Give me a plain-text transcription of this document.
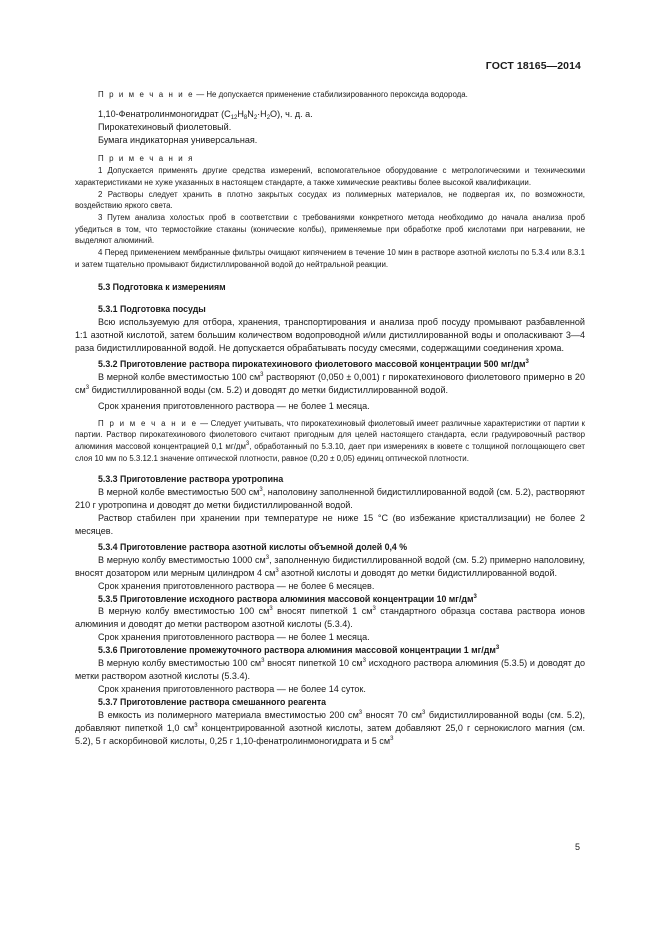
ГОСТ 18165—2014

П р и м е ч а н и е — Не допускается применение стабилизированного пероксида водорода.

1,10-Фенатролинмоногидрат $(С_{12}Н_8N_2\cdot Н_2О)$, ч. д. а.

Пирокатехиновый фиолетовый.

Бумага индикаторная универсальная.

П р и м е ч а н и я

1 Допускается применять другие средства измерений, вспомогательное оборудование с метрологическими и техническими характеристиками не хуже указанных в настоящем стандарте, а также химические реактивы более высокой квалификации.

2 Растворы следует хранить в плотно закрытых сосудах из полимерных материалов, не подвергая их, по возможности, воздействию яркого света.

3 Путем анализа холостых проб в соответствии с требованиями конкретного метода необходимо до начала анализа проб убедиться в том, что термостойкие стаканы (конические колбы), применяемые при обработке проб кислотами при нагревании, не выделяют алюминий.

4 Перед применением мембранные фильтры очищают кипячением в течение 10 мин в растворе азотной кислоты по 5.3.4 или 8.3.1 и затем тщательно промывают бидистиллированной водой до нейтральной реакции.

5.3 Подготовка к измерениям

5.3.1 Подготовка посуды

Всю используемую для отбора, хранения, транспортирования и анализа проб посуду промывают разбавленной 1:1 азотной кислотой, затем большим количеством водопроводной и/или дистиллированной воды и ополаскивают 3—4 раза бидистиллированной водой. Не допускается обрабатывать посуду смесями, содержащими соединения хрома.

5.3.2 Приготовление раствора пирокатехинового фиолетового массовой концентрации 500 $мг/дм^3$

В мерной колбе вместимостью 100 $см^3$ растворяют (0,050 ± 0,001) г пирокатехинового фиолетового примерно в 20 $см^3$ бидистиллированной воды (см. 5.2) и доводят до метки бидистиллированной водой.

Срок хранения приготовленного раствора — не более 1 месяца.

П р и м е ч а н и е — Следует учитывать, что пирокатехиновый фиолетовый имеет различные характеристики от партии к партии. Раствор пирокатехинового фиолетового считают пригодным для целей настоящего стандарта, если градуировочный раствор алюминия массовой концентрацией 0,1 $мг/дм^3$, обработанный по 5.3.10, дает при измерениях в кювете с толщиной поглощающего свет слоя 10 мм по 5.3.12.1 значение оптической плотности, равное (0,20 ± 0,05) единиц оптической плотности.

5.3.3 Приготовление раствора уротропина

В мерной колбе вместимостью 500 $см^3$, наполовину заполненной бидистиллированной водой (см. 5.2), растворяют 210 г уротропина и доводят до метки бидистиллированной водой.

Раствор стабилен при хранении при температуре не ниже 15 °С (во избежание кристаллизации) не более 2 месяцев.

5.3.4 Приготовление раствора азотной кислоты объемной долей 0,4 %

В мерную колбу вместимостью 1000 $см^3$, заполненную бидистиллированной водой (см. 5.2) примерно наполовину, вносят дозатором или мерным цилиндром 4 $см^3$ азотной кислоты и доводят до метки бидистиллированной водой.

Срок хранения приготовленного раствора — не более 6 месяцев.

5.3.5 Приготовление исходного раствора алюминия массовой концентрации 10 $мг/дм^3$

В мерную колбу вместимостью 100 $см^3$ вносят пипеткой 1 $см^3$ стандартного образца состава раствора ионов алюминия и доводят до метки раствором азотной кислоты (5.3.4).

Срок хранения приготовленного раствора — не более 1 месяца.

5.3.6 Приготовление промежуточного раствора алюминия массовой концентрации 1 $мг/дм^3$

В мерную колбу вместимостью 100 $см^3$ вносят пипеткой 10 $см^3$ исходного раствора алюминия (5.3.5) и доводят до метки раствором азотной кислоты (5.3.4).

Срок хранения приготовленного раствора — не более 14 суток.

5.3.7 Приготовление раствора смешанного реагента

В емкость из полимерного материала вместимостью 200 $см^3$ вносят 70 $см^3$ бидистиллированной воды (см. 5.2), добавляют пипеткой 1,0 $см^3$ концентрированной азотной кислоты, затем добавляют 25,0 г сернокислого магния (см. 5.2), 5 г аскорбиновой кислоты, 0,25 г 1,10-фенатролинмоногидрата и 5 $см^3$

5
